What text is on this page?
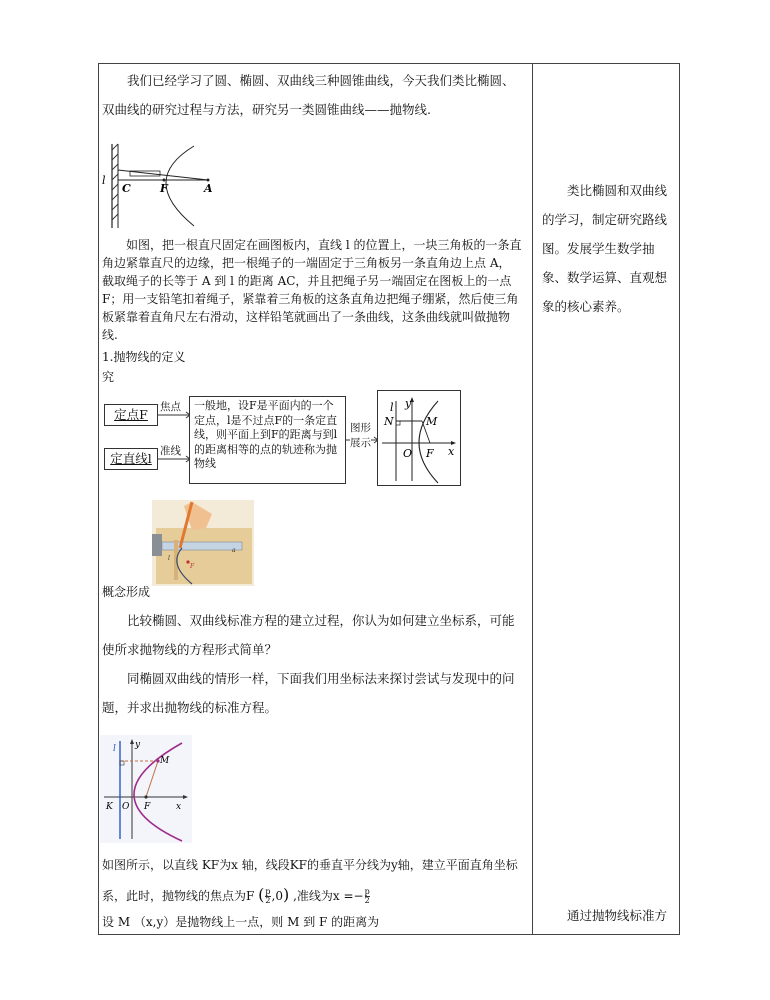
我们已经学习了圆、椭圆、双曲线三种圆锥曲线，今天我们类比椭圆、双曲线的研究过程与方法，研究另一类圆锥曲线——抛物线.
l
C	F	A
如图，把一根直尺固定在画图板内，直线 l 的位置上，一块三角板的一条直角边紧靠直尺的边缘，把一根绳子的一端固定于三角板另一条直角边上点 A，截取绳子的长等于 A 到 l 的距离 AC，并且把绳子另一端固定在图板上的一点 F；用一支铅笔扣着绳子，紧靠着三角板的这条直角边把绳子绷紧，然后使三角板紧靠着直角尺左右滑动，这样铅笔就画出了一条曲线，这条曲线就叫做抛物线.
1.抛物线的定义
究
定点F
定直线l
焦点
准线
一般地，设F是平面内的一个定点，l是不过点F的一条定直线，则平面上到F的距离与到l的距离相等的点的轨迹称为抛物线
图形
展示
l y
N	M
O F x
l
a
F
概念形成
比较椭圆、双曲线标准方程的建立过程，你认为如何建立坐标系，可能使所求抛物线的方程形式简单？
同椭圆双曲线的情形一样，下面我们用坐标法来探讨尝试与发现中的问题，并求出抛物线的标准方程。
l y
M
K O F	x
如图所示，以直线 KF为x 轴，线段KF的垂直平分线为y轴，建立平面直角坐标系，此时，抛物线的焦点为F ( $\frac{p}{2} ,0$) ,准线为$x =- \frac{p}{2}$
设 M （x,y）是抛物线上一点，则 M 到 F 的距离为
类比椭圆和双曲线的学习，制定研究路线图。发展学生数学抽象、数学运算、直观想象的核心素养。
通过抛物线标准方
